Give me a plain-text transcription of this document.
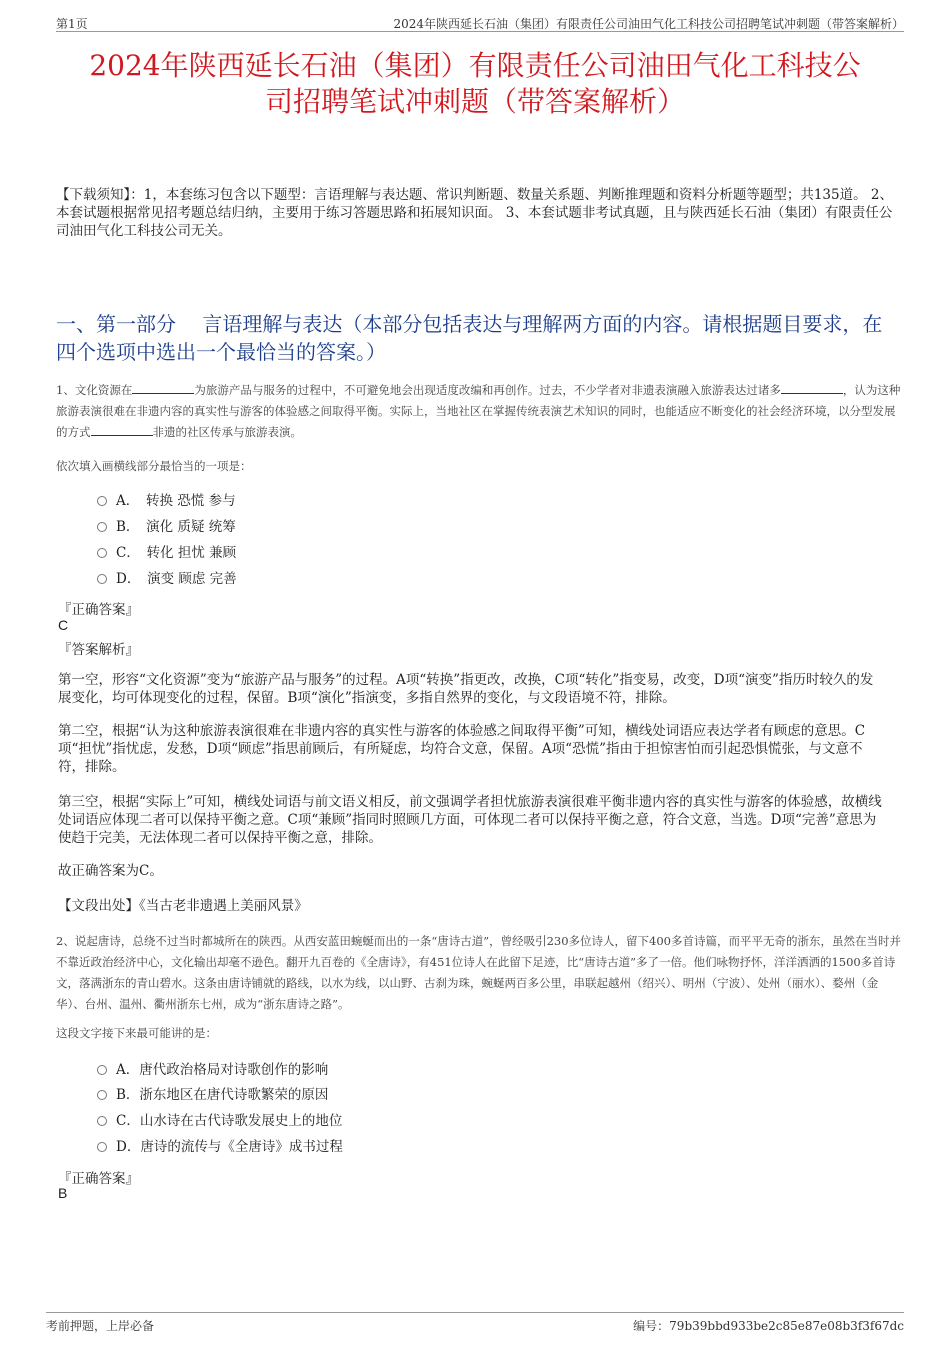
第1页	2024年陕西延长石油（集团）有限责任公司油田气化工科技公司招聘笔试冲刺题（带答案解析）
2024年陕西延长石油（集团）有限责任公司油田气化工科技公
司招聘笔试冲刺题（带答案解析）
【下载须知】：1，本套练习包含以下题型：言语理解与表达题、常识判断题、数量关系题、判断推理题和资料分析题等题型；共135道。 2、本套试题根据常见招考题总结归纳，主要用于练习答题思路和拓展知识面。 3、本套试题非考试真题，且与陕西延长石油（集团）有限责任公司油田气化工科技公司无关。
一、第一部分　 言语理解与表达（本部分包括表达与理解两方面的内容。请根据题目要求，在四个选项中选出一个最恰当的答案。）
1、文化资源在	为旅游产品与服务的过程中，不可避免地会出现适度改编和再创作。过去，不少学者对非遗表演融入旅游表达过诸多	，认为这种旅游表演很难在非遗内容的真实性与游客的体验感之间取得平衡。实际上，当地社区在掌握传统表演艺术知识的同时，也能适应不断变化的社会经济环境，以分型发展的方式	非遗的社区传承与旅游表演。
依次填入画横线部分最恰当的一项是：
A．　转换 恐慌 参与
B．　演化 质疑 统筹
C．　转化 担忧 兼顾
D．　演变 顾虑 完善
『正确答案』
C
『答案解析』
第一空，形容“文化资源”变为“旅游产品与服务”的过程。A项“转换”指更改，改换，C项“转化”指变易，改变，D项“演变”指历时较久的发展变化，均可体现变化的过程，保留。B项“演化”指演变，多指自然界的变化，与文段语境不符，排除。
第二空，根据“认为这种旅游表演很难在非遗内容的真实性与游客的体验感之间取得平衡”可知，横线处词语应表达学者有顾虑的意思。C项“担忧”指忧虑，发愁，D项“顾虑”指思前顾后，有所疑虑，均符合文意，保留。A项“恐慌”指由于担惊害怕而引起恐惧慌张，与文意不符，排除。
第三空，根据“实际上”可知，横线处词语与前文语义相反，前文强调学者担忧旅游表演很难平衡非遗内容的真实性与游客的体验感，故横线处词语应体现二者可以保持平衡之意。C项“兼顾”指同时照顾几方面，可体现二者可以保持平衡之意，符合文意，当选。D项“完善”意思为使趋于完美，无法体现二者可以保持平衡之意，排除。
故正确答案为C。
【文段出处】《当古老非遗遇上美丽风景》
2、说起唐诗，总绕不过当时都城所在的陕西。从西安蓝田蜿蜒而出的一条“唐诗古道”，曾经吸引230多位诗人，留下400多首诗篇，而平平无奇的浙东，虽然在当时并不靠近政治经济中心，文化输出却毫不逊色。翻开九百卷的《全唐诗》，有451位诗人在此留下足迹，比“唐诗古道”多了一倍。他们咏物抒怀，洋洋洒洒的1500多首诗文，落满浙东的青山碧水。这条由唐诗铺就的路线，以水为线，以山野、古刹为珠，蜿蜒两百多公里，串联起越州（绍兴）、明州（宁波）、处州（丽水）、婺州（金华）、台州、温州、衢州浙东七州，成为“浙东唐诗之路”。
这段文字接下来最可能讲的是：
A．唐代政治格局对诗歌创作的影响
B．浙东地区在唐代诗歌繁荣的原因
C．山水诗在古代诗歌发展史上的地位
D．唐诗的流传与《全唐诗》成书过程
『正确答案』
B
考前押题，上岸必备	编号：79b39bbd933be2c85e87e08b3f3f67dc
